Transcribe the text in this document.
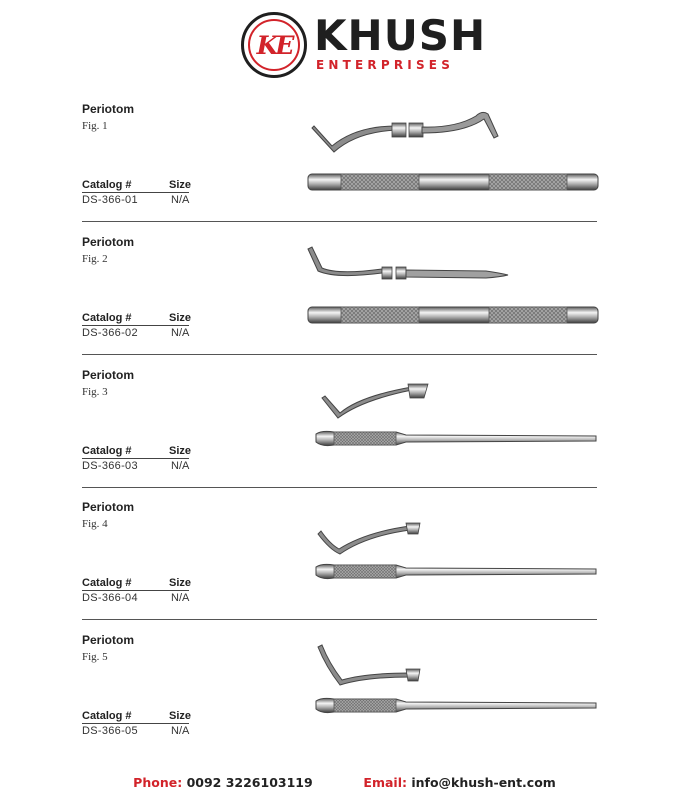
KE KHUSH
ENTERPRISES
Periotom
Fig. 1
Catalog #	Size
DS-366-01	N/A
Periotom
Fig. 2
Catalog #	Size
DS-366-02	N/A
Periotom
Fig. 3
Catalog #	Size
DS-366-03	N/A
Periotom
Fig. 4
Catalog #	Size
DS-366-04	N/A
Periotom
Fig. 5
Catalog #	Size
DS-366-05	N/A
Phone: 0092 3226103119	Email: info@khush-ent.com
